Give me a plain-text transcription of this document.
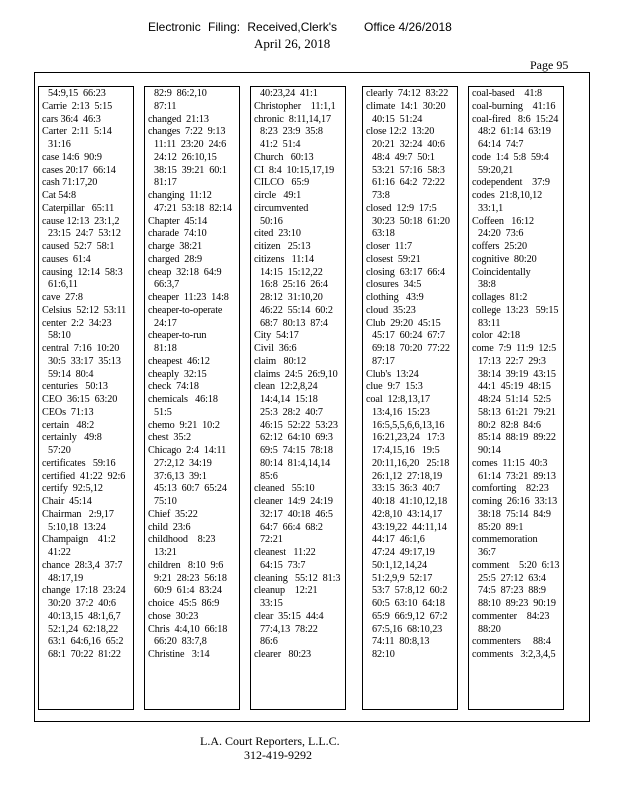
Electronic Filing: Received,Clerk's Office 4/26/2018
April 26, 2018
Page 95
54:9,15  66:23
Carrie  2:13  5:15
cars 36:4  46:3
Carter  2:11  5:14
31:16
case 14:6  90:9
cases 20:17  66:14
cash 71:17,20
Cat 54:8
Caterpillar   65:11
cause 12:13  23:1,2
23:15  24:7  53:12
caused  52:7  58:1
causes  61:4
causing  12:14  58:3
61:6,11
cave  27:8
Celsius  52:12  53:11
center  2:2  34:23
58:10
central  7:16  10:20
30:5  33:17  35:13
59:14  80:4
centuries   50:13
CEO  36:15  63:20
CEOs  71:13
certain   48:2
certainly   49:8
57:20
certificates   59:16
certified  41:22  92:6
certify  92:5,12
Chair  45:14
Chairman   2:9,17
5:10,18  13:24
Champaign    41:2
41:22
chance  28:3,4  37:7
48:17,19
change  17:18  23:24
30:20  37:2  40:6
40:13,15  48:1,6,7
52:1,24  62:18,22
63:1  64:6,16  65:2
68:1  70:22  81:22
82:9  86:2,10
87:11
changed  21:13
changes  7:22  9:13
11:11  23:20  24:6
24:12  26:10,15
38:15  39:21  60:1
81:17
changing  11:12
47:21  53:18  82:14
Chapter  45:14
charade  74:10
charge  38:21
charged  28:9
cheap  32:18  64:9
66:3,7
cheaper  11:23  14:8
cheaper-to-operate
24:17
cheaper-to-run
81:18
cheapest  46:12
cheaply  32:15
check  74:18
chemicals   46:18
51:5
chemo  9:21  10:2
chest  35:2
Chicago  2:4  14:11
27:2,12  34:19
37:6,13  39:1
45:13  60:7  65:24
75:10
Chief  35:22
child  23:6
childhood    8:23
13:21
children   8:10  9:6
9:21  28:23  56:18
60:9  61:4  83:24
choice  45:5  86:9
chose  30:23
Chris  4:4,10  66:18
66:20  83:7,8
Christine   3:14
40:23,24  41:1
Christopher    11:1,1
chronic  8:11,14,17
8:23  23:9  35:8
41:2  51:4
Church   60:13
CI  8:4  10:15,17,19
CILCO   65:9
circle   49:1
circumvented
50:16
cited  23:10
citizen   25:13
citizens   11:14
14:15  15:12,22
16:8  25:16  26:4
28:12  31:10,20
46:22  55:14  60:2
68:7  80:13  87:4
City  54:17
Civil  36:6
claim   80:12
claims  24:5  26:9,10
clean  12:2,8,24
14:4,14  15:18
25:3  28:2  40:7
46:15  52:22  53:23
62:12  64:10  69:3
69:5  74:15  78:18
80:14  81:4,14,14
85:6
cleaned   55:10
cleaner  14:9  24:19
32:17  40:18  46:5
64:7  66:4  68:2
72:21
cleanest   11:22
64:15  73:7
cleaning   55:12  81:3
cleanup    12:21
33:15
clear  35:15  44:4
77:4,13  78:22
86:6
clearer   80:23
clearly  74:12  83:22
climate  14:1  30:20
40:15  51:24
close 12:2  13:20
20:21  32:24  40:6
48:4  49:7  50:1
53:21  57:16  58:3
61:16  64:2  72:22
73:8
closed  12:9  17:5
30:23  50:18  61:20
63:18
closer  11:7
closest  59:21
closing  63:17  66:4
closures  34:5
clothing   43:9
cloud  35:23
Club  29:20  45:15
45:17  60:24  67:7
69:18  70:20  77:22
87:17
Club's  13:24
clue  9:7  15:3
coal  12:8,13,17
13:4,16  15:23
16:5,5,5,6,6,13,16
16:21,23,24   17:3
17:4,15,16   19:5
20:11,16,20   25:18
26:1,12  27:18,19
33:15  36:3  40:7
40:18  41:10,12,18
42:8,10  43:14,17
43:19,22  44:11,14
44:17  46:1,6
47:24  49:17,19
50:1,12,14,24
51:2,9,9  52:17
53:7  57:8,12  60:2
60:5  63:10  64:18
65:9  66:9,12  67:2
67:5,16  68:10,23
74:11  80:8,13
82:10
coal-based    41:8
coal-burning    41:16
coal-fired   8:6  15:24
48:2  61:14  63:19
64:14  74:7
code  1:4  5:8  59:4
59:20,21
codependent    37:9
codes  21:8,10,12
33:1,1
Coffeen   16:12
24:20  73:6
coffers  25:20
cognitive  80:20
Coincidentally
38:8
collages  81:2
college  13:23   59:15
83:11
color  42:18
come  7:9  11:9  12:5
17:13  22:7  29:3
38:14  39:19  43:15
44:1  45:19  48:15
48:24  51:14  52:5
58:13  61:21  79:21
80:2  82:8  84:6
85:14  88:19  89:22
90:14
comes  11:15  40:3
61:14  73:21  89:13
comforting    82:23
coming  26:16  33:13
38:18  75:14  84:9
85:20  89:1
commemoration
36:7
comment    5:20  6:13
25:5  27:12  63:4
74:5  87:23  88:9
88:10  89:23  90:19
commenter    84:23
88:20
commenters     88:4
comments   3:2,3,4,5
L.A. Court Reporters, L.L.C.
312-419-9292
